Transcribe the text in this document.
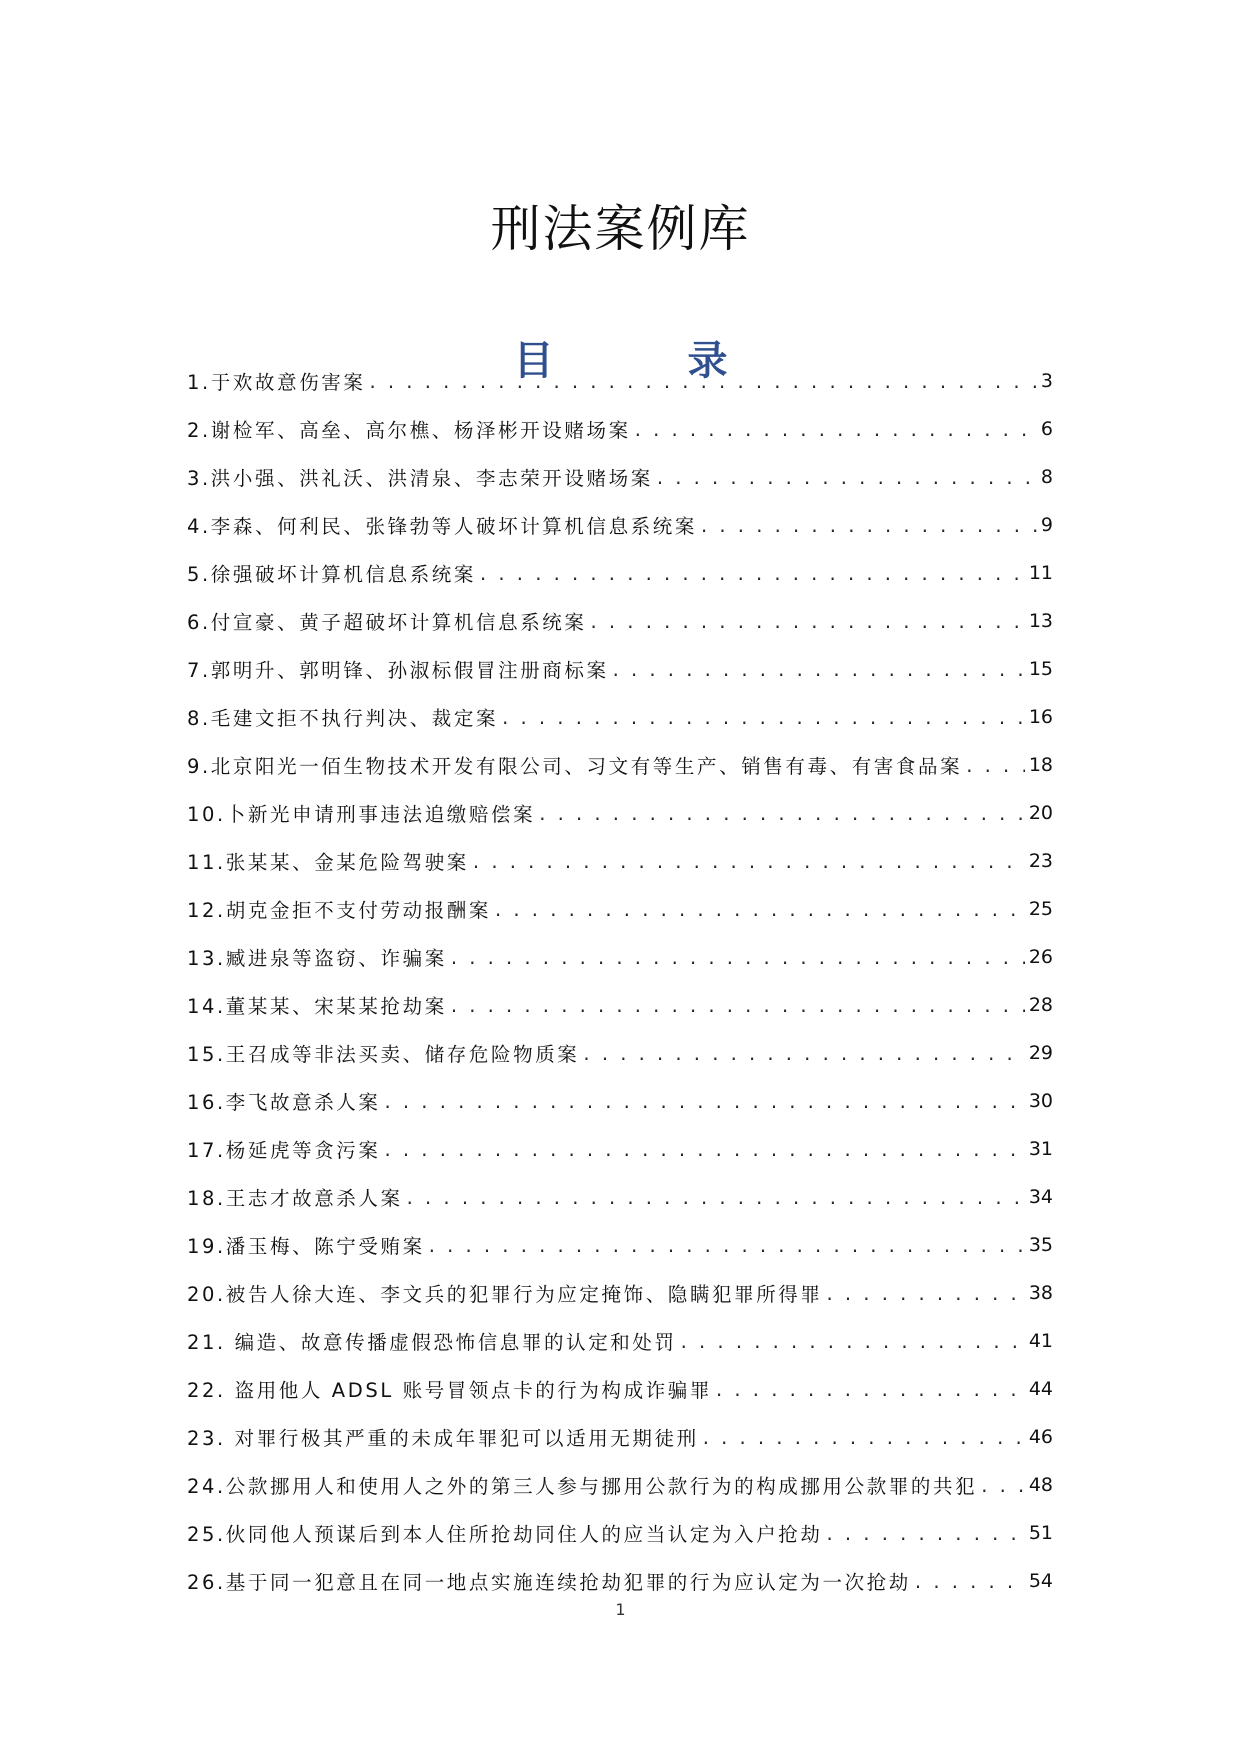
刑法案例库
目 录
1.于欢故意伤害案 . . .	3
2.谢检军、高垒、高尔樵、杨泽彬开设赌场案 . . .	6
3.洪小强、洪礼沃、洪清泉、李志荣开设赌场案 . . .	8
4.李森、何利民、张锋勃等人破坏计算机信息系统案 . . .	9
5.徐强破坏计算机信息系统案 . . .	11
6.付宣豪、黄子超破坏计算机信息系统案 . . .	13
7.郭明升、郭明锋、孙淑标假冒注册商标案 . . .	15
8.毛建文拒不执行判决、裁定案 . . .	16
9.北京阳光一佰生物技术开发有限公司、习文有等生产、销售有毒、有害食品案 . . .	18
10.卜新光申请刑事违法追缴赔偿案 . . .	20
11.张某某、金某危险驾驶案 . . .	23
12.胡克金拒不支付劳动报酬案 . . .	25
13.臧进泉等盗窃、诈骗案 . . .	26
14.董某某、宋某某抢劫案 . . .	28
15.王召成等非法买卖、储存危险物质案 . . .	29
16.李飞故意杀人案 . . .	30
17.杨延虎等贪污案 . . .	31
18.王志才故意杀人案 . . .	34
19.潘玉梅、陈宁受贿案 . . .	35
20.被告人徐大连、李文兵的犯罪行为应定掩饰、隐瞒犯罪所得罪 . . .	38
21. 编造、故意传播虚假恐怖信息罪的认定和处罚 . . .	41
22. 盗用他人 ADSL 账号冒领点卡的行为构成诈骗罪 . . .	44
23. 对罪行极其严重的未成年罪犯可以适用无期徒刑 . . .	46
24.公款挪用人和使用人之外的第三人参与挪用公款行为的构成挪用公款罪的共犯 . . .	48
25.伙同他人预谋后到本人住所抢劫同住人的应当认定为入户抢劫 . . .	51
26.基于同一犯意且在同一地点实施连续抢劫犯罪的行为应认定为一次抢劫 . . .	54
1
